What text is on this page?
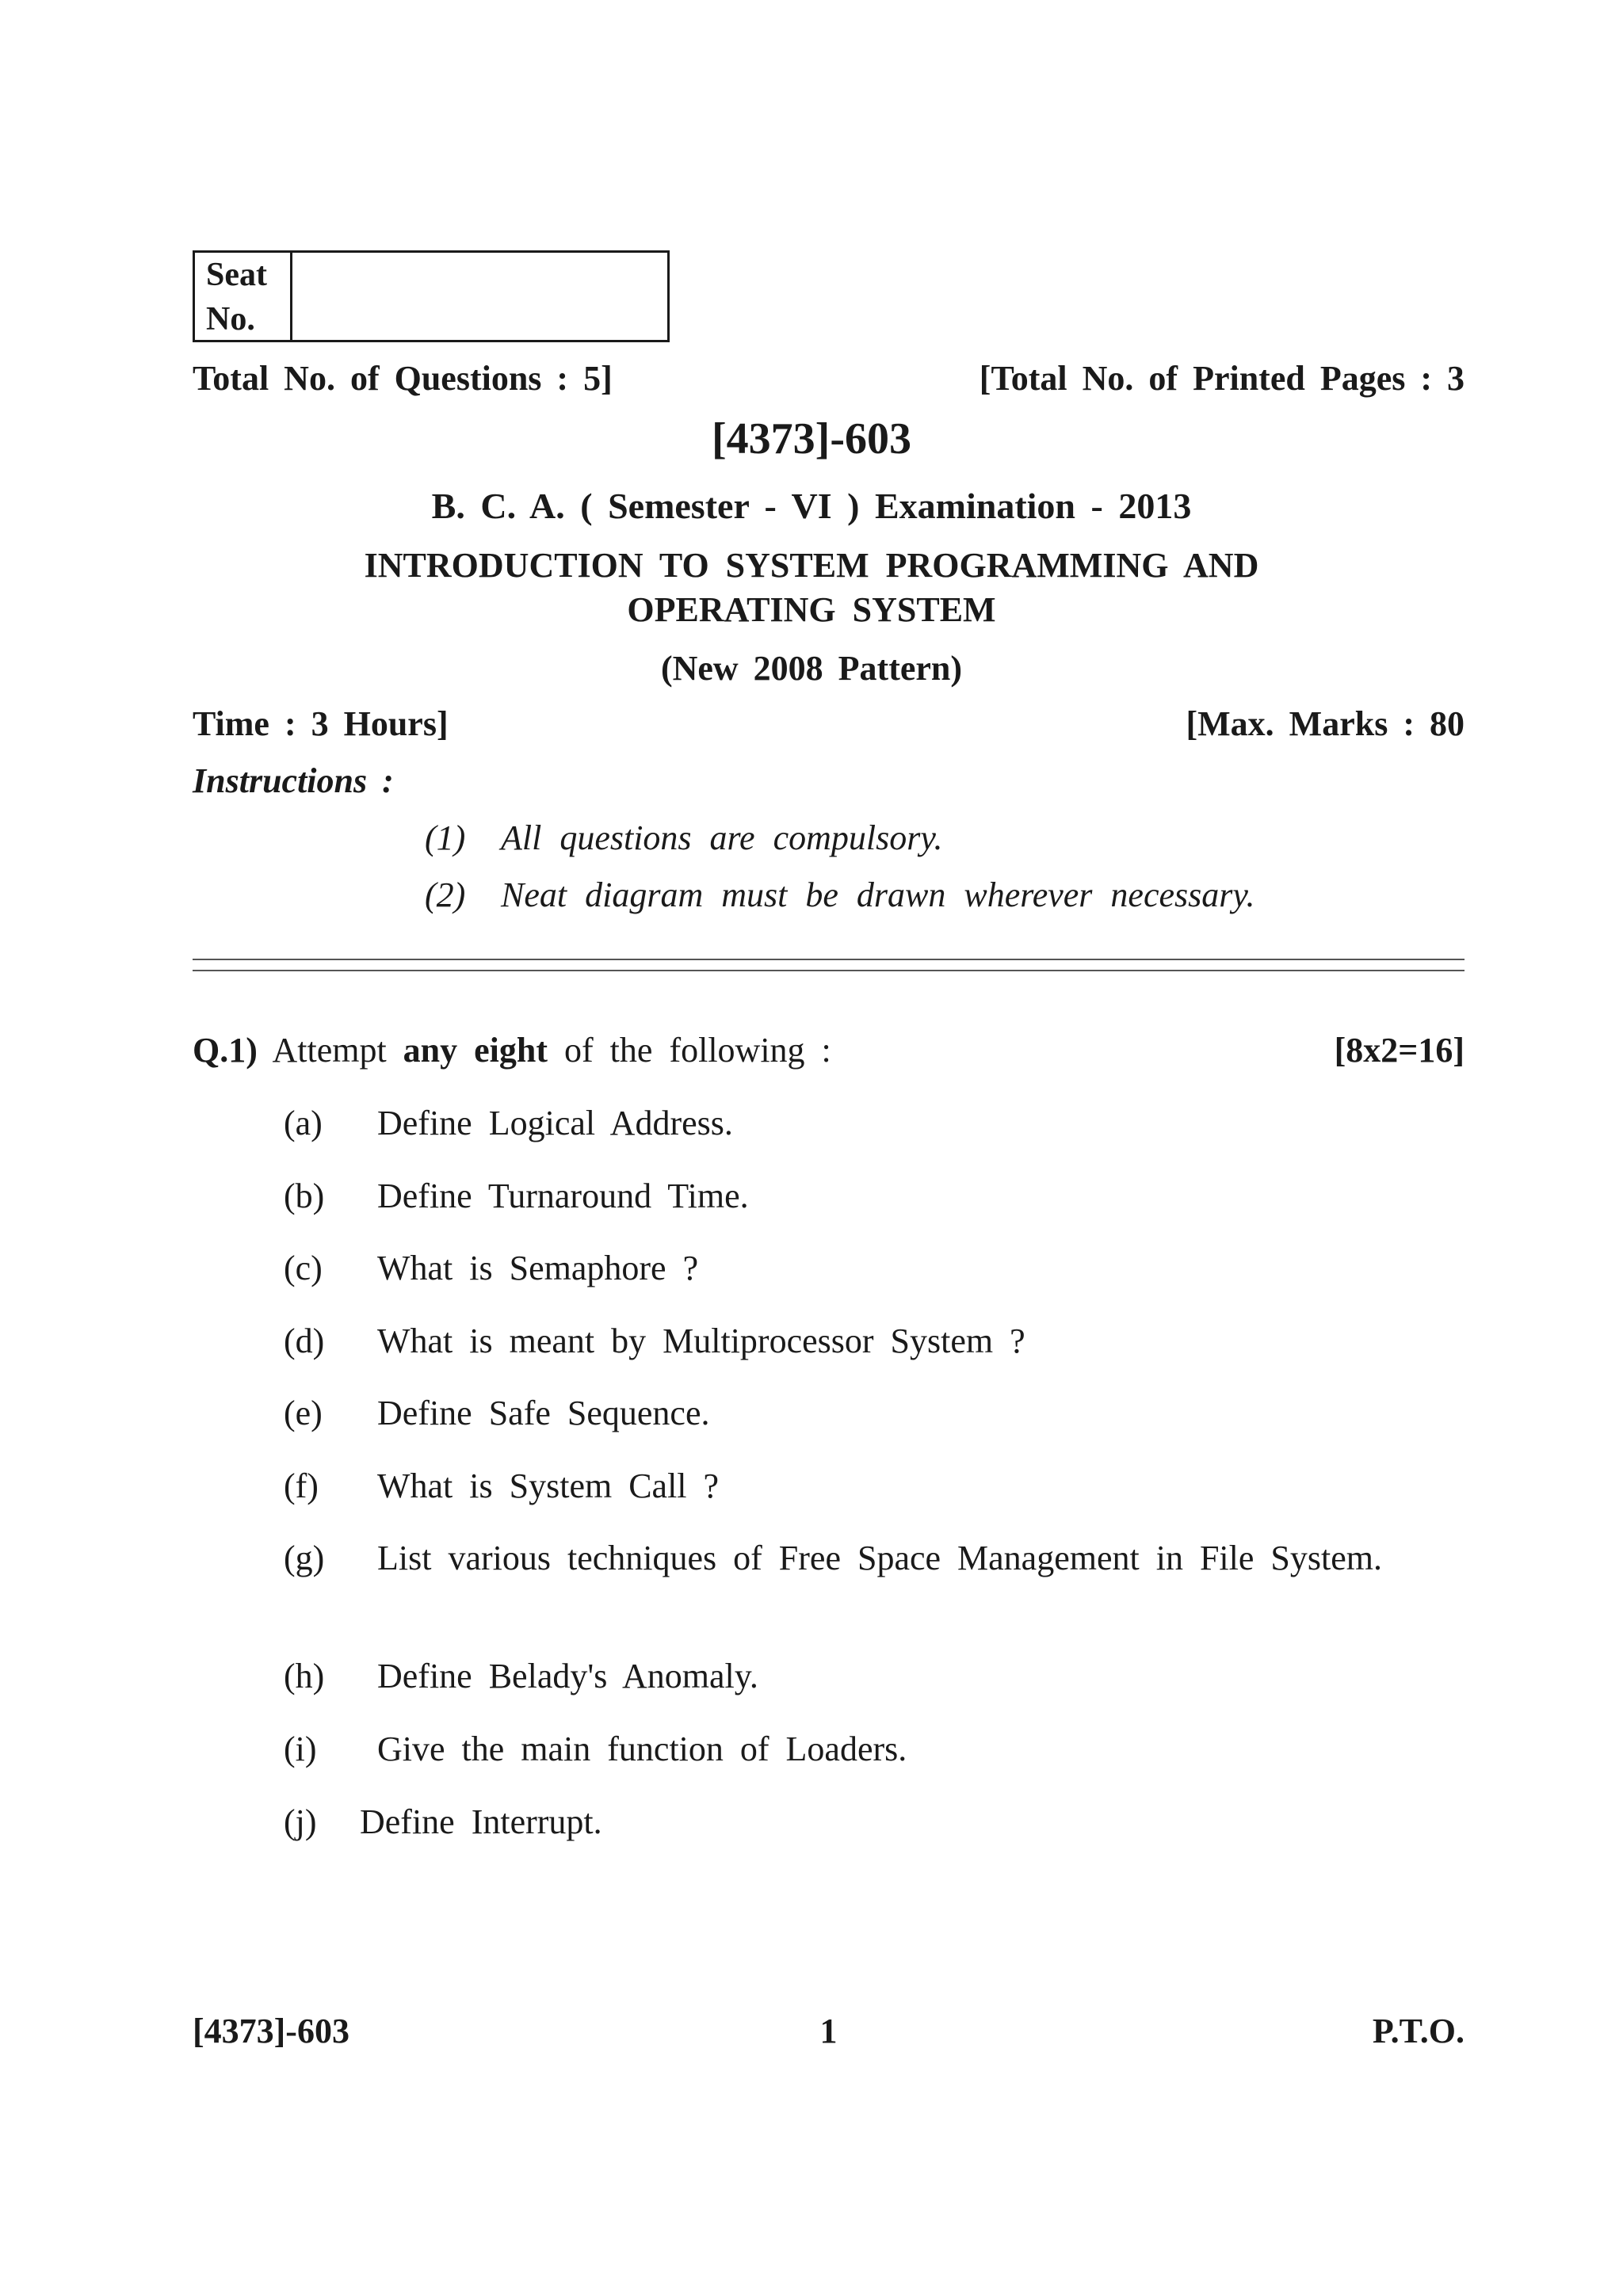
Seat
No.
Total No. of Questions : 5]	[Total No. of Printed Pages : 3
[4373]-603
B. C. A. ( Semester - VI ) Examination - 2013
INTRODUCTION TO SYSTEM PROGRAMMING AND
OPERATING SYSTEM
(New 2008 Pattern)
Time : 3 Hours]	[Max. Marks : 80
Instructions :
(1) All questions are compulsory.
(2) Neat diagram must be drawn wherever necessary.
Q.1) Attempt any eight of the following :	[8x2=16]
(a) Define Logical Address.
(b) Define Turnaround Time.
(c) What is Semaphore ?
(d) What is meant by Multiprocessor System ?
(e) Define Safe Sequence.
(f) What is System Call ?
(g) List various techniques of Free Space Management in File System.
(h) Define Belady's Anomaly.
(i) Give the main function of Loaders.
(j) Define Interrupt.
[4373]-603	1	P.T.O.
